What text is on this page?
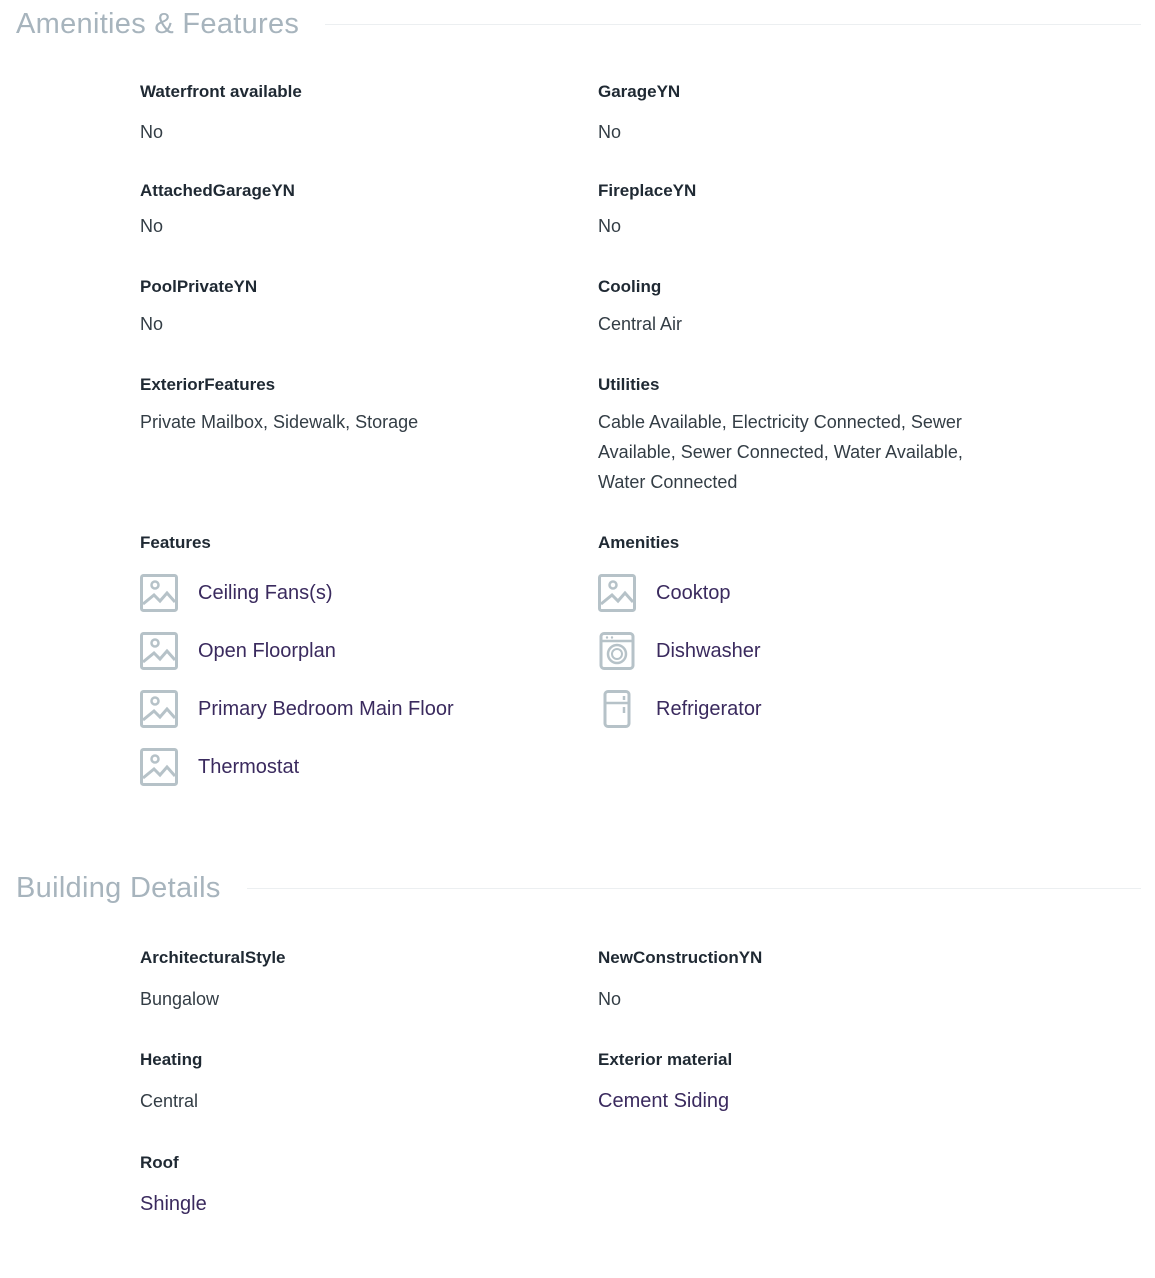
Amenities & Features
Waterfront available
No
GarageYN
No
AttachedGarageYN
No
FireplaceYN
No
PoolPrivateYN
No
Cooling
Central Air
ExteriorFeatures
Private Mailbox, Sidewalk, Storage
Utilities
Cable Available, Electricity Connected, Sewer Available, Sewer Connected, Water Available, Water Connected
Features
Ceiling Fans(s)
Open Floorplan
Primary Bedroom Main Floor
Thermostat
Amenities
Cooktop
Dishwasher
Refrigerator
Building Details
ArchitecturalStyle
Bungalow
NewConstructionYN
No
Heating
Central
Exterior material
Cement Siding
Roof
Shingle
